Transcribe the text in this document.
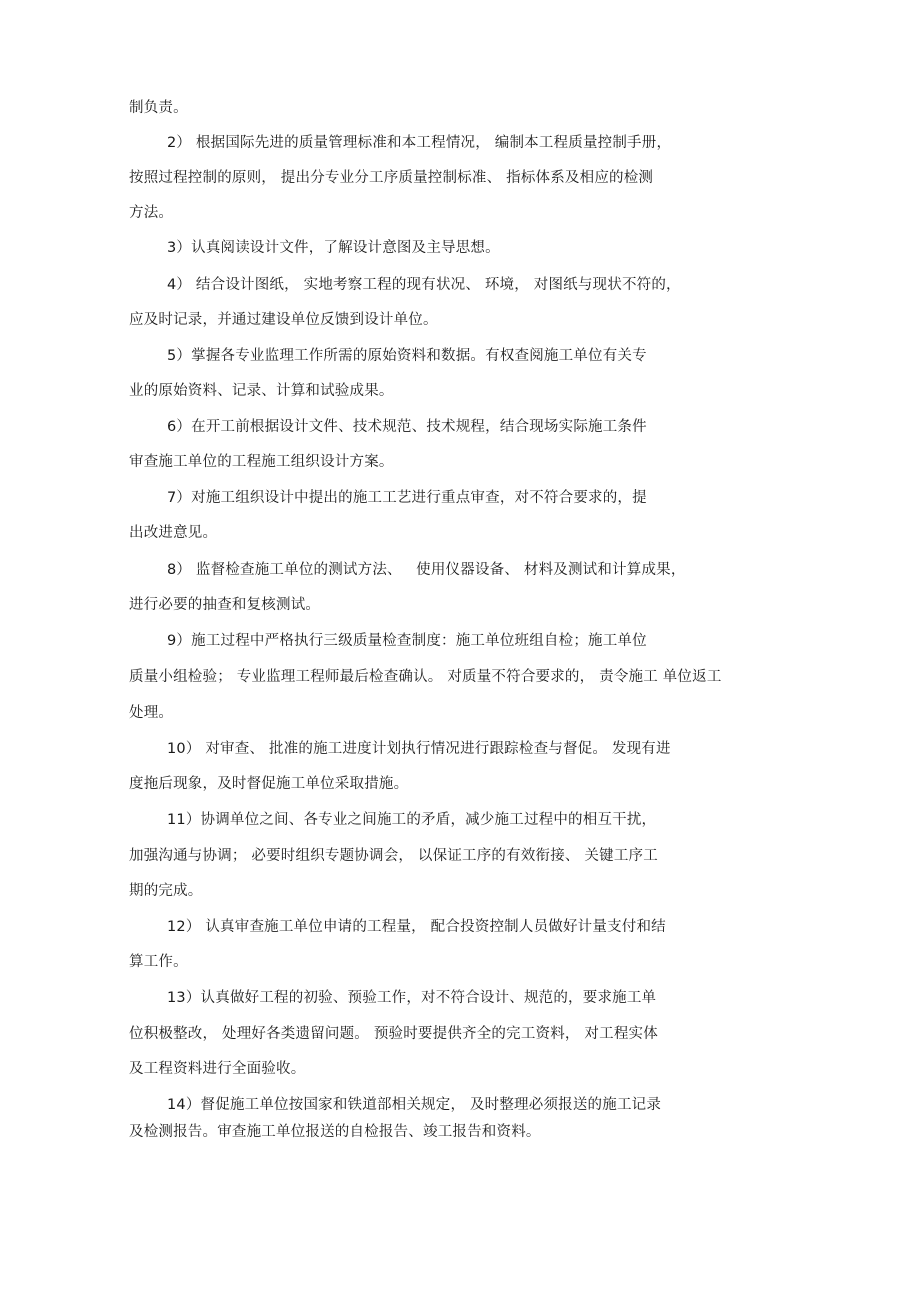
制负责。
2） 根据国际先进的质量管理标准和本工程情况， 编制本工程质量控制手册，
按照过程控制的原则， 提出分专业分工序质量控制标准、 指标体系及相应的检测
方法。
3）认真阅读设计文件，了解设计意图及主导思想。
4） 结合设计图纸， 实地考察工程的现有状况、 环境， 对图纸与现状不符的，
应及时记录，并通过建设单位反馈到设计单位。
5）掌握各专业监理工作所需的原始资料和数据。有权查阅施工单位有关专
业的原始资料、记录、计算和试验成果。
6）在开工前根据设计文件、技术规范、技术规程，结合现场实际施工条件
审查施工单位的工程施工组织设计方案。
7）对施工组织设计中提出的施工工艺进行重点审查，对不符合要求的，提
出改进意见。
8） 监督检查施工单位的测试方法、   使用仪器设备、 材料及测试和计算成果，
进行必要的抽查和复核测试。
9）施工过程中严格执行三级质量检查制度：施工单位班组自检；施工单位
质量小组检验； 专业监理工程师最后检查确认。 对质量不符合要求的， 责令施工 单位返工
处理。
10） 对审查、 批准的施工进度计划执行情况进行跟踪检查与督促。 发现有进
度拖后现象，及时督促施工单位采取措施。
11）协调单位之间、各专业之间施工的矛盾，减少施工过程中的相互干扰，
加强沟通与协调； 必要时组织专题协调会， 以保证工序的有效衔接、 关键工序工
期的完成。
12） 认真审查施工单位申请的工程量， 配合投资控制人员做好计量支付和结
算工作。
13）认真做好工程的初验、预验工作，对不符合设计、规范的，要求施工单
位积极整改， 处理好各类遗留问题。 预验时要提供齐全的完工资料， 对工程实体
及工程资料进行全面验收。
14）督促施工单位按国家和铁道部相关规定， 及时整理必须报送的施工记录
及检测报告。审查施工单位报送的自检报告、竣工报告和资料。
